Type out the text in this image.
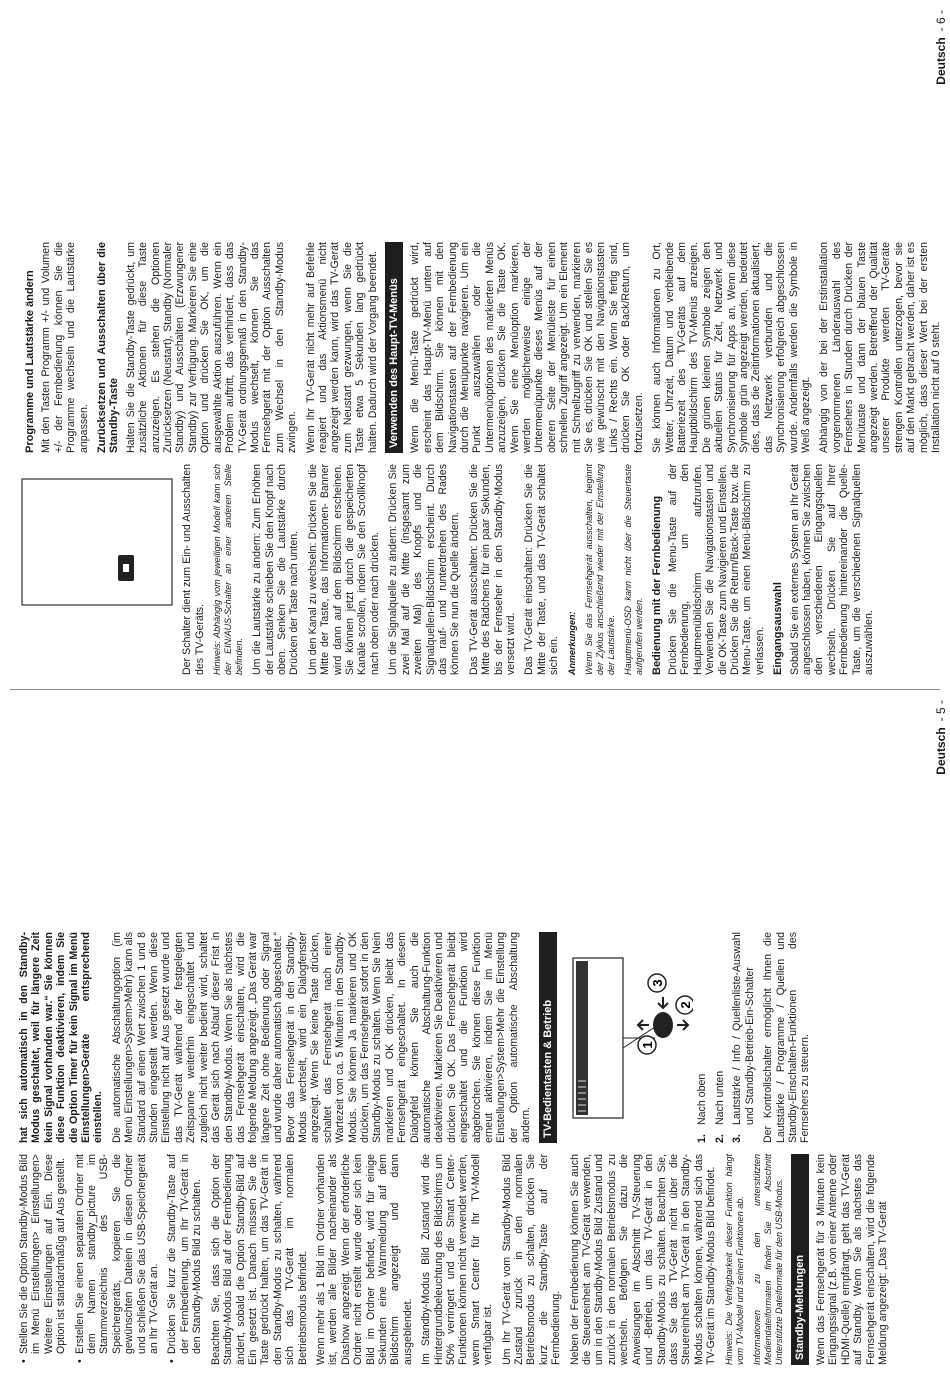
• Stellen Sie die Option Standby-Modus Bild im Menü Einstellungen> Einstellungen> Weitere Einstellungen auf Ein. Diese Option ist standardmäßig auf Aus gestellt. • Erstellen Sie einen separaten Ordner mit dem Namen standby_picture im Stammverzeichnis des USB-Speichergeräts, kopieren Sie die gewünschten Dateien in diesen Ordner und schließen Sie das USB-Speichergerät an Ihr TV-Gerät an. • Drücken Sie kurz die Standby-Taste auf der Fernbedienung, um Ihr TV-Gerät in den Standby-Modus Bild zu schalten. Beachten Sie, dass sich die Option der Standby-Modus Bild auf der Fernbedienung ändert, sobald die Option Standby-Bild auf Ein gesetzt ist. Danach müssen Sie die Taste gedrückt halten, um das TV-Gerät in den Standby-Modus zu schalten, während sich das TV-Gerät im normalen Betriebsmodus befindet. Wenn mehr als 1 Bild im Ordner vorhanden ist, werden alle Bilder nacheinander als Diashow angezeigt. Wenn der erforderliche Ordner nicht erstellt wurde oder sich kein Bild im Ordner befindet, wird für einige Sekunden eine Warnmeldung auf dem Bildschirm angezeigt und dann ausgeblendet. Im Standby-Modus Bild Zustand wird die Hintergrundbeleuchtung des Bildschirms um 50% verringert und die Smart Center-Funktionen können nicht verwendet werden, wenn Smart Center für Ihr TV-Modell verfügbar ist. Um Ihr TV-Gerät vom Standby-Modus Bild Zustand zurück in den normalen Betriebsmodus zu schalten, drücken Sie kurz die Standby-Taste auf der Fernbedienung. Neben der Fernbedienung können Sie auch die Steuereinheit am TV-Gerät verwenden, um in den Standby-Modus Bild Zustand und zurück in den normalen Betriebsmodus zu wechseln. Befolgen Sie dazu die Anweisungen im Abschnitt TV-Steuerung und -Betrieb, um das TV-Gerät in den Standby-Modus zu schalten. Beachten Sie, dass Sie das TV-Gerät nicht über die Steuereinheit am TV-Gerät in den Standby-Modus schalten können, während sich das TV-Gerät im Standby-Modus Bild befindet. Hinweis: Die Verfügbarkeit dieser Funktion hängt vom TV-Modell und seinen Funktionen ab. Informationen zu den unterstützten Mediendateiformaten finden Sie im Abschnitt Unterstützte Dateiformate für den USB-Modus. Standby-Meldungen Wenn das Fernsehgerät für 3 Minuten kein Eingangssignal (z.B. von einer Antenne oder HDMI-Quelle) empfängt, geht das TV-Gerät auf Standby. Wenn Sie als nächstes das Fernsehgerät einschalten, wird die folgende Meldung angezeigt: „Das TV-Gerät

hat sich automatisch in den Standby-Modus geschaltet, weil für längere Zeit kein Signal vorhanden war.“ Sie können diese Funktion deaktivieren, indem Sie die Option Timer für kein Signal im Menü Einstellungen>Geräte entsprechend einstellen. Die automatische Abschaltungoption (im Menü Einstellungen>System>Mehr) kann als Standard auf einen Wert zwischen 1 und 8 Stunden eingestellt werden. Wenn diese Einstellung nicht auf Aus gesetzt wurde und das TV-Gerät während der festgelegten Zeitspanne weiterhin eingeschaltet und zugleich nicht weiter bedient wird, schaltet das Gerät sich nach Ablauf dieser Frist in den Standby-Modus. Wenn Sie als nächstes das Fernsehgerät einschalten, wird die folgende Meldung angezeigt. „Das Gerät war längere Zeit ohne Bedienung oder Signal und wurde daher automatisch abgeschaltet.“ Bevor das Fernsehgerät in den Standby-Modus wechselt, wird ein Dialogfenster angezeigt. Wenn Sie keine Taste drücken, schaltet das Fernsehgerät nach einer Wartezeit von ca. 5 Minuten in den Standby-Modus. Sie können Ja markieren und OK drücken, um das Fernsehgerät sofort in den Standby-Modus zu schalten. Wenn Sie Nein markieren und OK drücken, bleibt das Fernsehgerät eingeschaltet. In diesem Dialogfeld können Sie auch die automatische Abschaltung-Funktion deaktivieren. Markieren Sie Deaktivieren und drücken Sie OK. Das Fernsehgerät bleibt eingeschaltet und die Funktion wird abgebrochen. Sie können diese Funktion erneut aktivieren, indem Sie im Menü Einstellungen>System>Mehr die Einstellung der Option automatische Abschaltung ändern. TV-Bedientasten & Betrieb	1
2
3
1.
Nach oben
2.
Nach unten
3.
Lautstärke / Info / Quellenliste-Auswahl und Standby-Betrieb-Ein-Schalter Der Kontrollschalter ermöglicht Ihnen die Lautstärke / Programme / Quellen und Standby-Einschalten-Funktionen des Fernsehers zu steuern.

Deutsch- 5 -

Der Schalter dient zum Ein- und Ausschalten des TV-Geräts. Hinweis: Abhängig vom jeweiligen Modell kann sich der EIN/AUS-Schalter an einer anderen Stelle befinden. Um die Lautstärke zu ändern: Zum Erhöhen der Lautstärke schieben Sie den Knopf nach oben. Senken Sie die Lautstärke durch Drücken der Taste nach unten. Um den Kanal zu wechseln: Drücken Sie die Mitte der Taste, das Informationen- Banner wird dann auf dem Bildschirm erscheinen. Sie können jetzt durch die gespeicherten Kanäle scrollen, indem Sie den Scrollknopf nach oben oder nach drücken. Um die Signalquelle zu ändern: Drücken Sie zwei Mal auf die Mitte (insgesamt zum zweiten Mal) des Knopfs und die Signalquellen-Bildschirm erscheint. Durch das rauf- und runterdrehen des Rades können Sie nun die Quelle ändern. Das TV-Gerät ausschalten: Drücken Sie die Mitte des Rädchens für ein paar Sekunden, bis der Fernseher in den Standby-Modus versetzt wird. Das TV-Gerät einschalten: Drücken Sie die Mitte der Taste, und das TV-Gerät schaltet sich ein. Anmerkungen: Wenn Sie das Fernsehgerät ausschalten, beginnt der Zyklus anschließend wieder mit der Einstellung der Lautstärke. Hauptmenü-OSD kann nicht über die Steuertaste aufgerufen werden. Bedienung mit der Fernbedienung Drücken Sie die Menu-Taste auf der Fernbedienung, um den Hauptmenübildschirm aufzurufen. Verwenden Sie die Navigationstasten und die OK-Taste zum Navigieren und Einstellen. Drücken Sie die Return/Back-Taste bzw. die Menu-Taste, um einen Menü-Bildschirm zu verlassen. Eingangsauswahl Sobald Sie ein externes System an Ihr Gerät angeschlossen haben, können Sie zwischen den verschiedenen Eingangsquellen wechseln. Drücken Sie auf Ihrer Fernbedienung hintereinander die Quelle-Taste, um die verschiedenen Signalquellen auszuwählen.

Programme und Lautstärke ändern Mit den Tasten Programm +/- und Volumen +/- der Fernbedienung können Sie die Programme wechseln und die Lautstärke anpassen. Zurücksetzen und Ausschalten über die Standby-Taste Halten Sie die Standby-Taste gedrückt, um zusätzliche Aktionen für diese Taste anzuzeigen. Es stehen die Optionen Zurücksetzen (Neustart), Standby (Normaler Standby) und Ausschalten (Erzwungener Standby) zur Verfügung. Markieren Sie eine Option und drücken Sie OK, um die ausgewählte Aktion auszuführen. Wenn ein Problem auftritt, das verhindert, dass das TV-Gerät ordnungsgemäß in den Standby-Modus wechselt, können Sie das Fernsehgerät mit der Option Ausschalten zum Wechsel in den Standby-Modus zwingen. Wenn Ihr TV-Gerät nicht mehr auf Befehle reagiert und das Aktionsmenü nicht angezeigt werden kann, wird das TV-Gerät zum Neustart gezwungen, wenn Sie die Taste etwa 5 Sekunden lang gedrückt halten. Dadurch wird der Vorgang beendet. Verwenden des Haupt-TV-Menüs Wenn die Menü-Taste gedrückt wird, erscheint das Haupt-TV-Menü unten auf dem Bildschirm. Sie können mit den Navigationstasten auf der Fernbedienung durch die Menüpunkte navigieren. Um ein Punkt auszuwählen oder die Untermenüoptionen des markierten Menüs anzuzeigen, drücken Sie die Taste OK. Wenn Sie eine Menüoption markieren, werden möglicherweise einige der Untermenüpunkte dieses Menüs auf der oberen Seite der Menüleiste für einen schnellen Zugriff angezeigt. Um ein Element mit Schnellzugriff zu verwenden, markieren Sie es, drücken Sie OK und stellen Sie es wie gewünscht mit den Navigationstasten Links / Rechts ein. Wenn Sie fertig sind, drücken Sie OK oder Back/Return, um fortzusetzen. Sie können auch Informationen zu Ort, Wetter, Uhrzeit, Datum und verbleibende Batteriezeit des TV-Geräts auf dem Hauptbildschirm des TV-Menüs anzeigen. Die grünen kleinen Symbole zeigen den aktuellen Status für Zeit, Netzwerk und Synchronisierung für Apps an. Wenn diese Symbole grün angezeigt werden, bedeutet dies, dass die Zeitinformationen aktualisiert, das Netzwerk verbunden und die Synchronisierung erfolgreich abgeschlossen wurde. Andernfalls werden die Symbole in Weiß angezeigt. Abhängig von der bei der Erstinstallation vorgenommenen Länderauswahl des Fernsehers in Stunden durch Drücken der Menütaste und dann der blauen Taste angezeigt werden. Betreffend der Qualität unserer Produkte werden TV-Geräte strengen Kontrollen unterzogen, bevor sie auf den Markt gebracht werden, daher ist es möglich, dass dieser Wert bei der ersten Installation nicht auf 0 steht.

Deutsch- 6 -
